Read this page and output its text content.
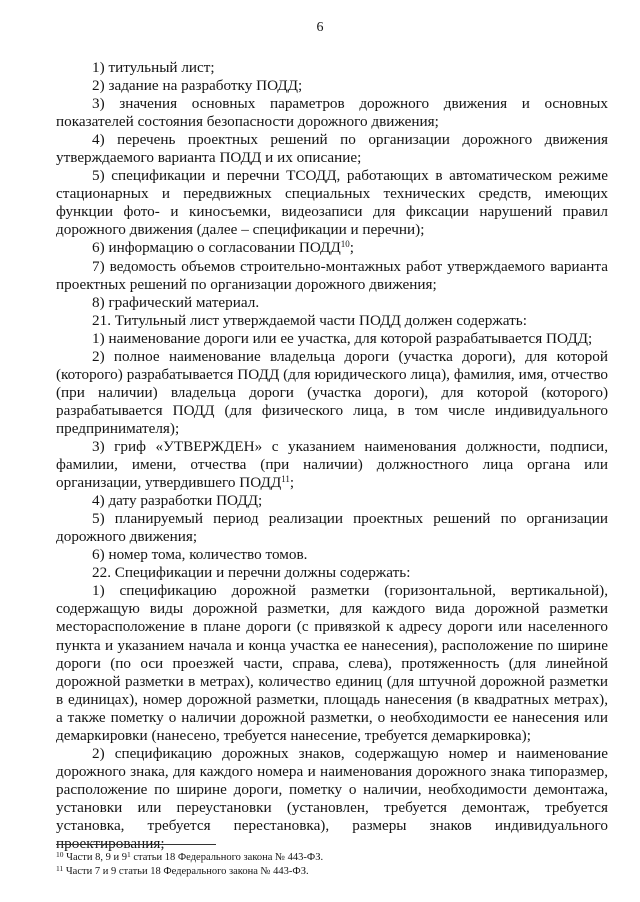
6

1) титульный лист;

2) задание на разработку ПОДД;

3) значения основных параметров дорожного движения и основных показателей состояния безопасности дорожного движения;

4) перечень проектных решений по организации дорожного движения утверждаемого варианта ПОДД и их описание;

5) спецификации и перечни ТСОДД, работающих в автоматическом режиме стационарных и передвижных специальных технических средств, имеющих функции фото- и киносъемки, видеозаписи для фиксации нарушений правил дорожного движения (далее – спецификации и перечни);

6) информацию о согласовании ПОДД$^{10}$;

7) ведомость объемов строительно-монтажных работ утверждаемого варианта проектных решений по организации дорожного движения;

8) графический материал.

21. Титульный лист утверждаемой части ПОДД должен содержать:

1) наименование дороги или ее участка, для которой разрабатывается ПОДД;

2) полное наименование владельца дороги (участка дороги), для которой (которого) разрабатывается ПОДД (для юридического лица), фамилия, имя, отчество (при наличии) владельца дороги (участка дороги), для которой (которого) разрабатывается ПОДД (для физического лица, в том числе индивидуального предпринимателя);

3) гриф «УТВЕРЖДЕН» с указанием наименования должности, подписи, фамилии, имени, отчества (при наличии) должностного лица органа или организации, утвердившего ПОДД$^{11}$;

4) дату разработки ПОДД;

5) планируемый период реализации проектных решений по организации дорожного движения;

6) номер тома, количество томов.

22. Спецификации и перечни должны содержать:

1) спецификацию дорожной разметки (горизонтальной, вертикальной), содержащую виды дорожной разметки, для каждого вида дорожной разметки месторасположение в плане дороги (с привязкой к адресу дороги или населенного пункта и указанием начала и конца участка ее нанесения), расположение по ширине дороги (по оси проезжей части, справа, слева), протяженность (для линейной дорожной разметки в метрах), количество единиц (для штучной дорожной разметки в единицах), номер дорожной разметки, площадь нанесения (в квадратных метрах), а также пометку о наличии дорожной разметки, о необходимости ее нанесения или демаркировки (нанесено, требуется нанесение, требуется демаркировка);

2) спецификацию дорожных знаков, содержащую номер и наименование дорожного знака, для каждого номера и наименования дорожного знака типоразмер, расположение по ширине дороги, пометку о наличии, необходимости демонтажа, установки или переустановки (установлен, требуется демонтаж, требуется установка, требуется перестановка), размеры знаков индивидуального проектирования;

$^{10}$ Части 8, 9 и $9^1$ статьи 18 Федерального закона № 443-ФЗ.

$^{11}$ Части 7 и 9 статьи 18 Федерального закона № 443-ФЗ.
